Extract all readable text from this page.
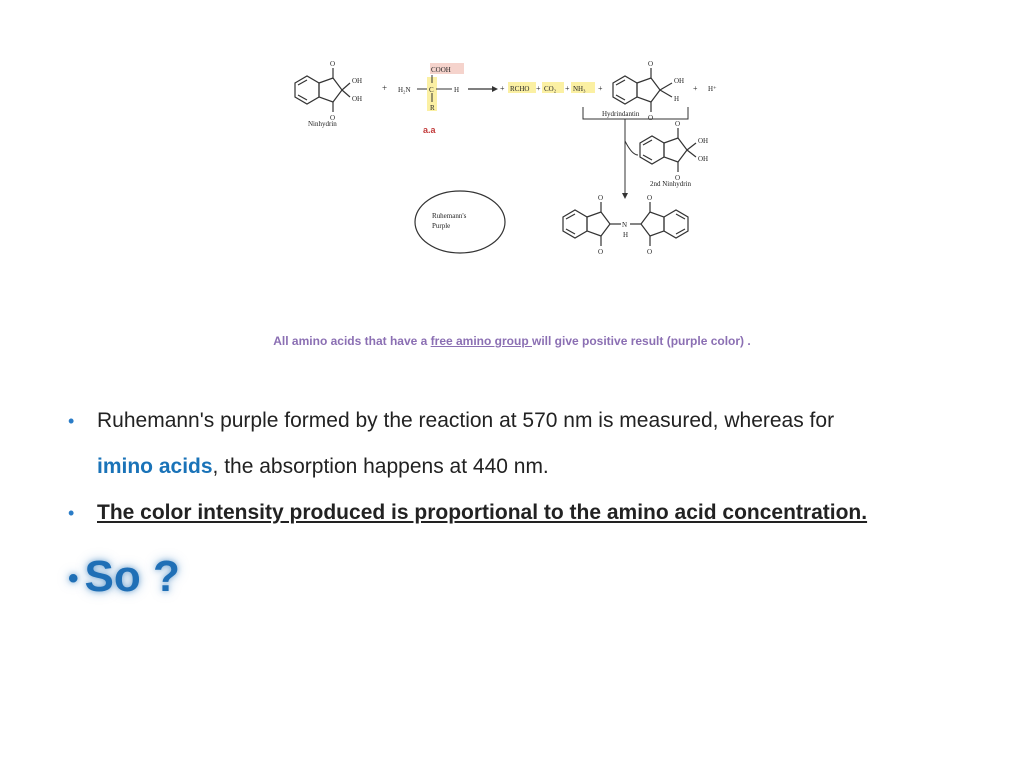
O
O
OH
OH
Ninhydrin
+
COOH
H₂N	C	H
R
a.a
+ RCHO + CO₂ + NH₃ +
O
O
OH
H
+ H⁺
Hydrindantin
O
O
OH
OH
2nd Ninhydrin
Ruhemann's
Purple
O
O
O
O
N
H
All amino acids that have a free amino group will give positive result (purple color) .
• Ruhemann's purple formed by the reaction at 570 nm is measured, whereas for
imino acids, the absorption happens at 440 nm.
• The color intensity produced is proportional to the amino acid concentration.
• So ?
